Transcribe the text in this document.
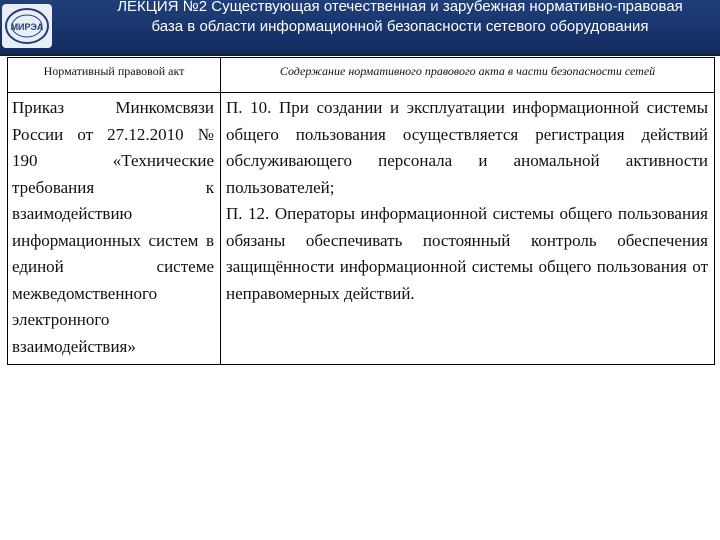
МИРЭА
ЛЕКЦИЯ №2 Существующая отечественная и зарубежная нормативно-правовая база в области информационной безопасности сетевого оборудования
Нормативный правовой акт	Содержание нормативного правового акта в части безопасности сетей
Приказ Минкомсвязи России от 27.12.2010 № 190 «Технические требования к взаимодействию информационных систем в единой системе межведомственного электронного взаимодействия»	П. 10. При создании и эксплуатации информационной системы общего пользования осуществляется регистрация действий обслуживающего персонала и аномальной активности пользователей;
П. 12. Операторы информационной системы общего пользования обязаны обеспечивать постоянный контроль обеспечения защищённости информационной системы общего пользования от неправомерных действий.
